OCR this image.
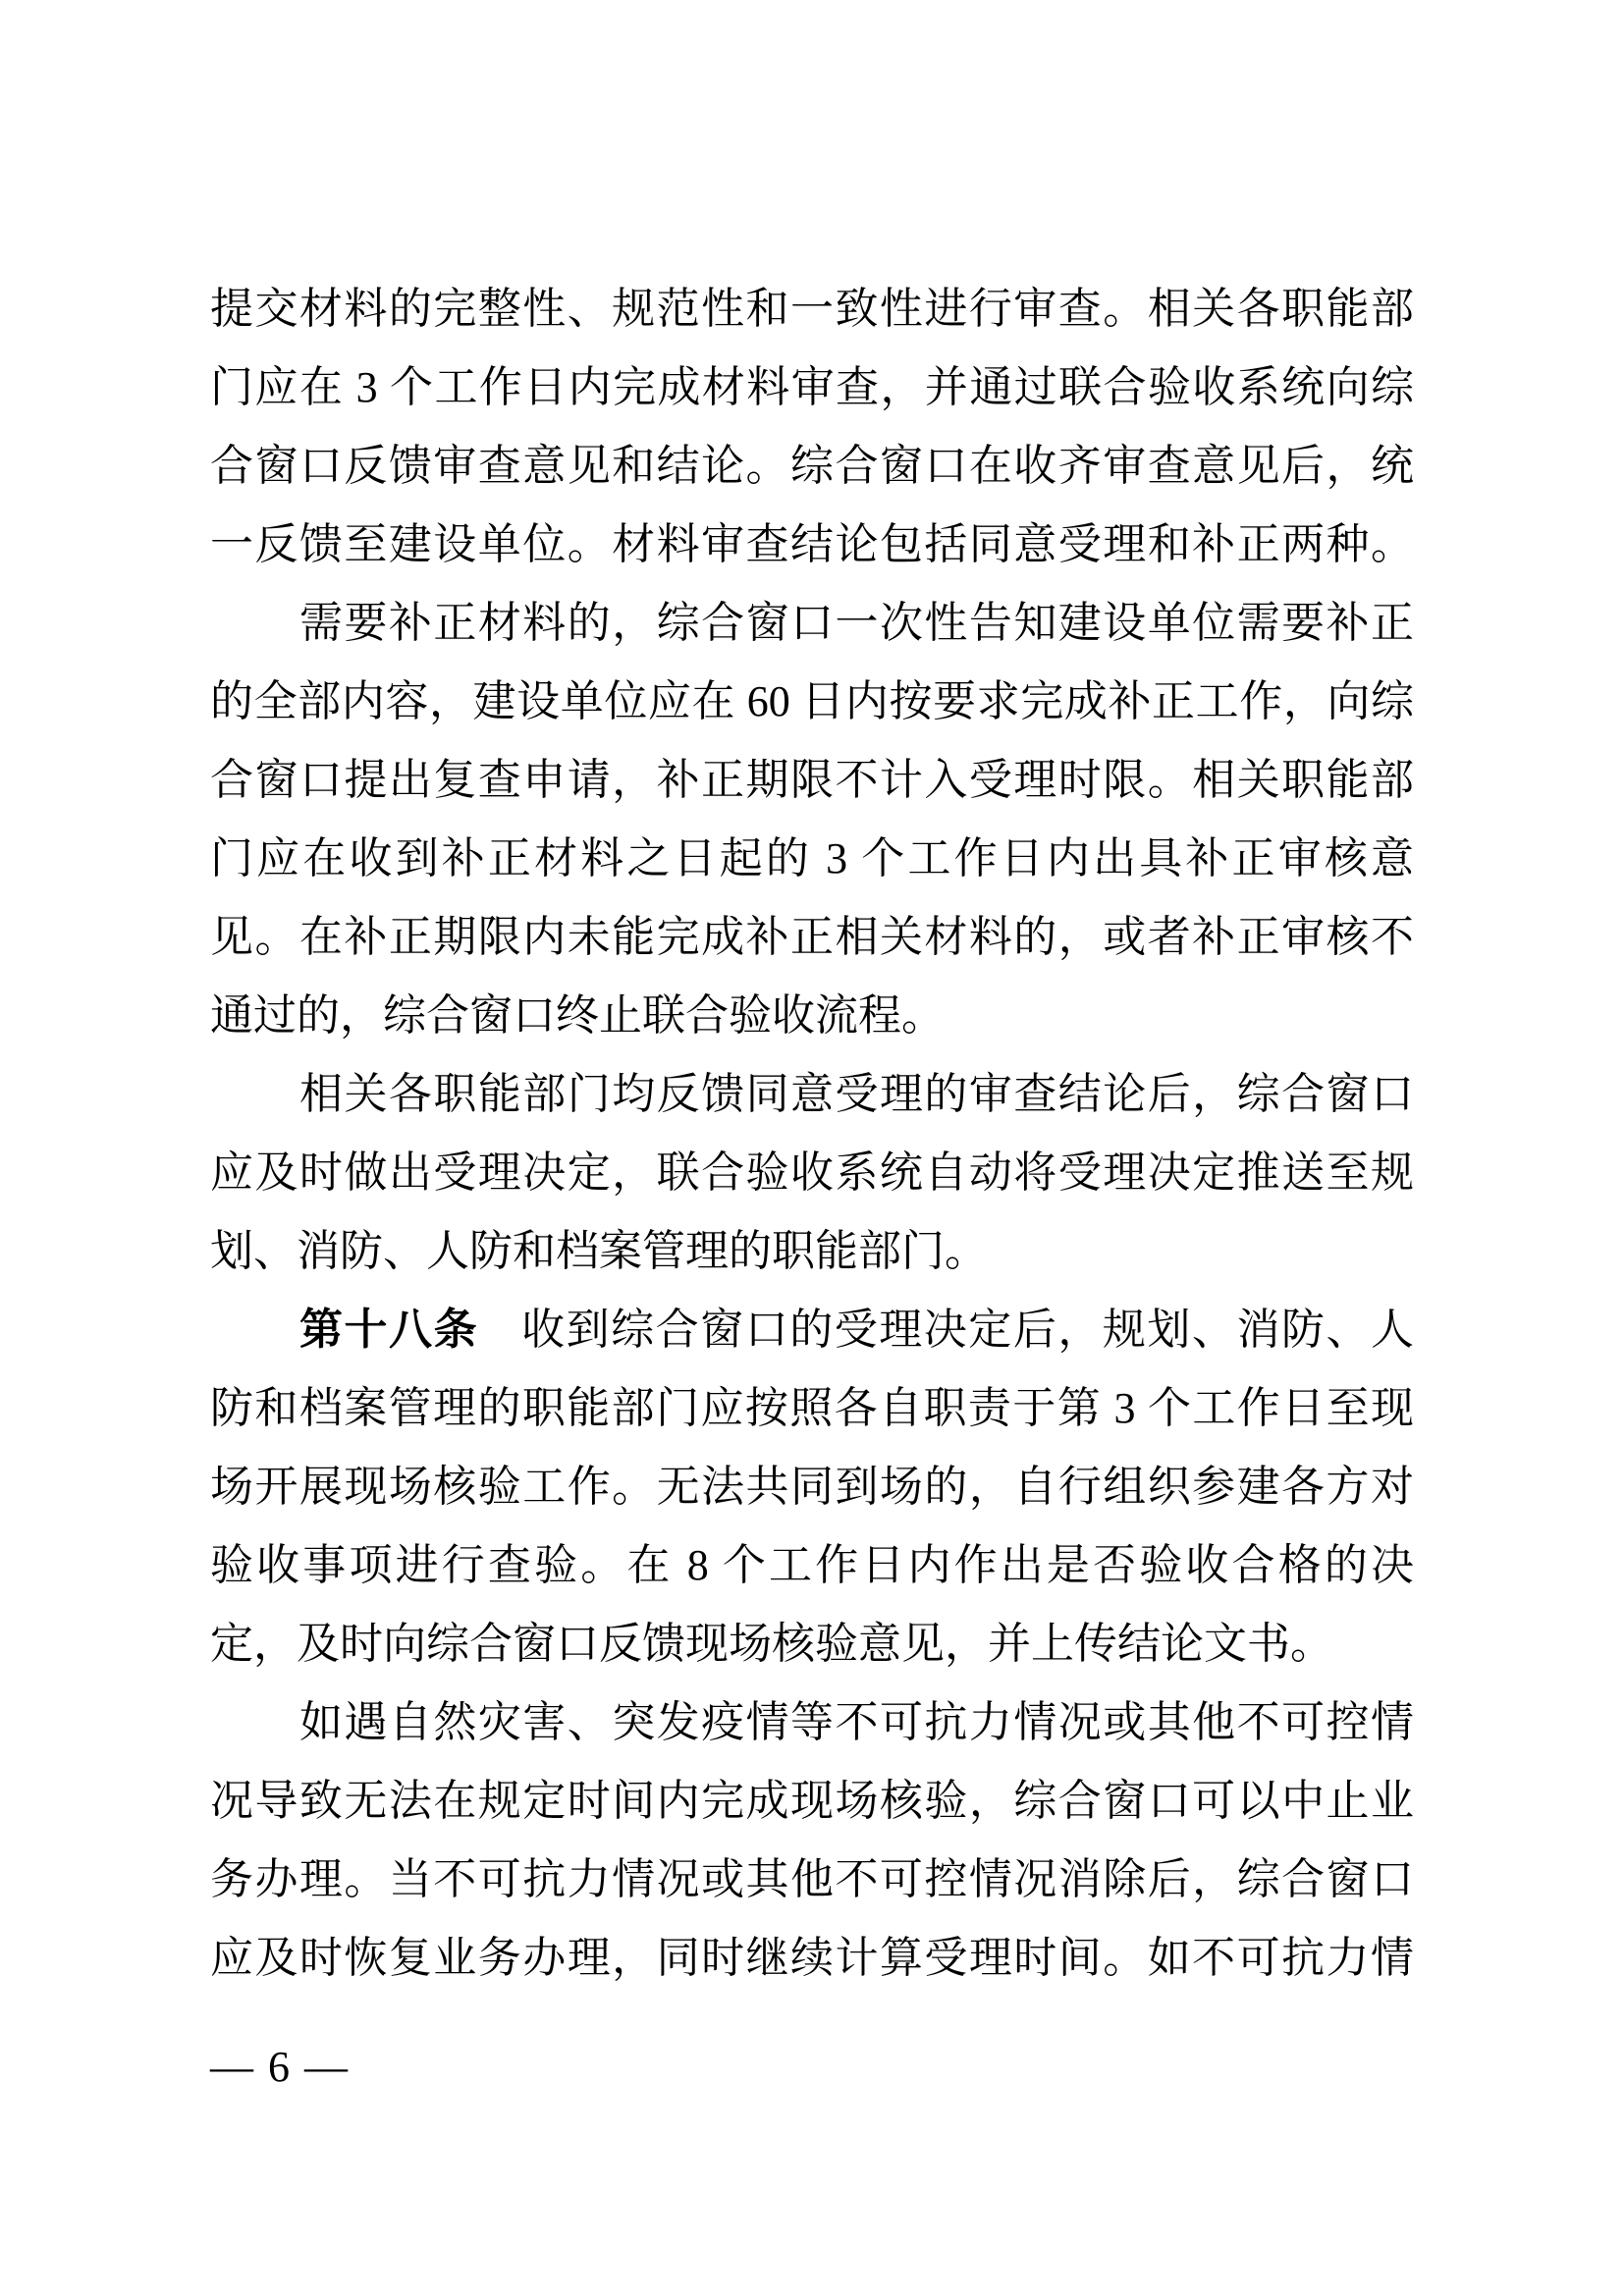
提交材料的完整性、规范性和一致性进行审查。相关各职能部
门应在 3 个工作日内完成材料审查，并通过联合验收系统向综
合窗口反馈审查意见和结论。综合窗口在收齐审查意见后，统
一反馈至建设单位。材料审查结论包括同意受理和补正两种。
需要补正材料的，综合窗口一次性告知建设单位需要补正
的全部内容，建设单位应在 60 日内按要求完成补正工作，向综
合窗口提出复查申请，补正期限不计入受理时限。相关职能部
门应在收到补正材料之日起的 3 个工作日内出具补正审核意
见。在补正期限内未能完成补正相关材料的，或者补正审核不
通过的，综合窗口终止联合验收流程。
相关各职能部门均反馈同意受理的审查结论后，综合窗口
应及时做出受理决定，联合验收系统自动将受理决定推送至规
划、消防、人防和档案管理的职能部门。
第十八条 收到综合窗口的受理决定后，规划、消防、人
防和档案管理的职能部门应按照各自职责于第 3 个工作日至现
场开展现场核验工作。无法共同到场的，自行组织参建各方对
验收事项进行查验。在 8 个工作日内作出是否验收合格的决
定，及时向综合窗口反馈现场核验意见，并上传结论文书。
如遇自然灾害、突发疫情等不可抗力情况或其他不可控情
况导致无法在规定时间内完成现场核验，综合窗口可以中止业
务办理。当不可抗力情况或其他不可控情况消除后，综合窗口
应及时恢复业务办理，同时继续计算受理时间。如不可抗力情
— 6 —
